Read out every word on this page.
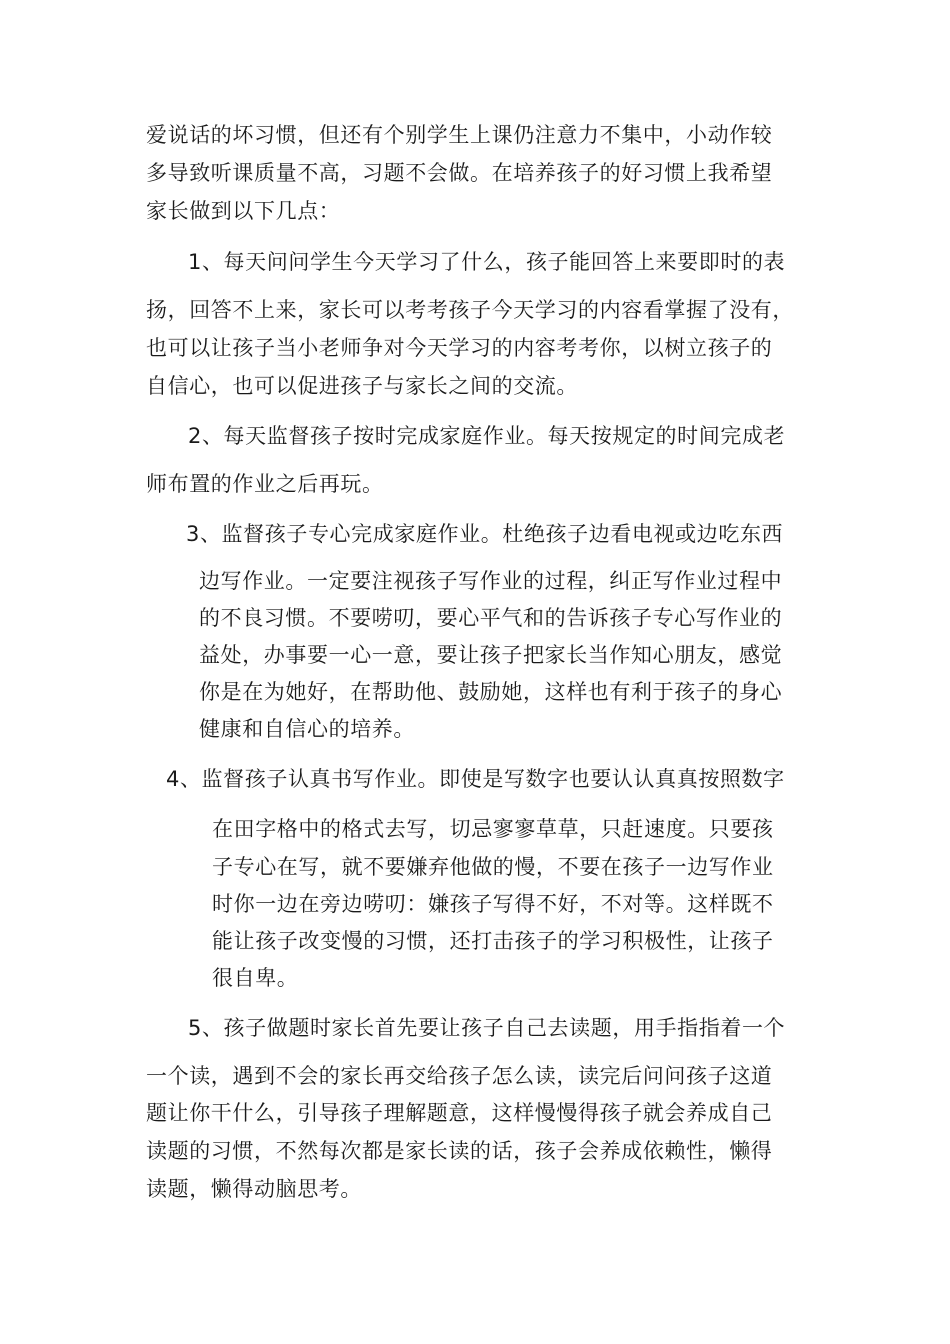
爱说话的坏习惯，但还有个别学生上课仍注意力不集中，小动作较
多导致听课质量不高，习题不会做。在培养孩子的好习惯上我希望
家长做到以下几点：
1、每天问问学生今天学习了什么，孩子能回答上来要即时的表
扬，回答不上来，家长可以考考孩子今天学习的内容看掌握了没有，
也可以让孩子当小老师争对今天学习的内容考考你，以树立孩子的
自信心，也可以促进孩子与家长之间的交流。
2、每天监督孩子按时完成家庭作业。每天按规定的时间完成老
师布置的作业之后再玩。
3、监督孩子专心完成家庭作业。杜绝孩子边看电视或边吃东西
边写作业。一定要注视孩子写作业的过程，纠正写作业过程中
的不良习惯。不要唠叨，要心平气和的告诉孩子专心写作业的
益处，办事要一心一意，要让孩子把家长当作知心朋友，感觉
你是在为她好，在帮助他、鼓励她，这样也有利于孩子的身心
健康和自信心的培养。
4、监督孩子认真书写作业。即使是写数字也要认认真真按照数字
在田字格中的格式去写，切忌寥寥草草，只赶速度。只要孩
子专心在写，就不要嫌弃他做的慢，不要在孩子一边写作业
时你一边在旁边唠叨：嫌孩子写得不好，不对等。这样既不
能让孩子改变慢的习惯，还打击孩子的学习积极性，让孩子
很自卑。
5、孩子做题时家长首先要让孩子自己去读题，用手指指着一个
一个读，遇到不会的家长再交给孩子怎么读，读完后问问孩子这道
题让你干什么，引导孩子理解题意，这样慢慢得孩子就会养成自己
读题的习惯，不然每次都是家长读的话，孩子会养成依赖性，懒得
读题，懒得动脑思考。
